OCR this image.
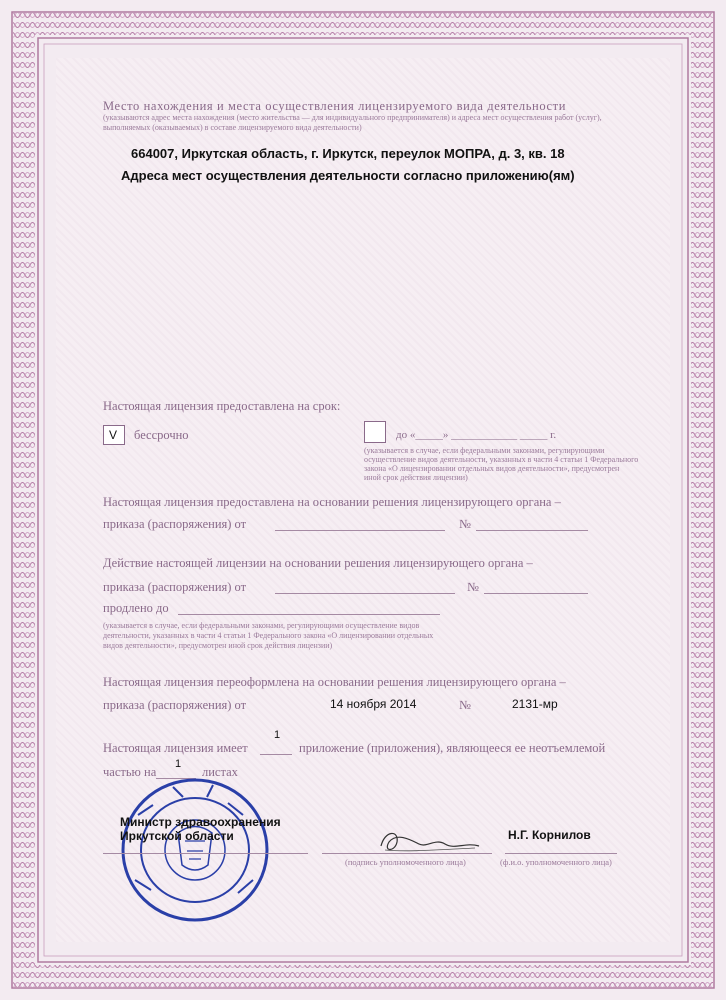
Место нахождения и места осуществления лицензируемого вида деятельности
(указываются адрес места нахождения (место жительства — для индивидуального предпринимателя) и адреса мест осуществления работ (услуг),
выполняемых (оказываемых) в составе лицензируемого вида деятельности)
664007, Иркутская область, г. Иркутск, переулок МОПРА, д. 3, кв. 18
Адреса мест осуществления деятельности согласно приложению(ям)
Настоящая лицензия предоставлена на срок:
V бессрочно	до «_____» ____________ _____ г.
(указывается в случае, если федеральными законами, регулирующими
осуществление видов деятельности, указанных в части 4 статьи 1 Федерального
закона «О лицензировании отдельных видов деятельности», предусмотрен
иной срок действия лицензии)
Настоящая лицензия предоставлена на основании решения лицензирующего органа –
приказа (распоряжения) от	№
Действие настоящей лицензии на основании решения лицензирующего органа –
приказа (распоряжения) от	№
продлено до
(указывается в случае, если федеральными законами, регулирующими осуществление видов
деятельности, указанных в части 4 статьи 1 Федерального закона «О лицензировании отдельных
видов деятельности», предусмотрен иной срок действия лицензии)
Настоящая лицензия переоформлена на основании решения лицензирующего органа –
приказа (распоряжения) от	14 ноября 2014	№	2131-мр
Настоящая лицензия имеет
1
приложение (приложения), являющееся ее неотъемлемой
частью на
1
листах
Министр здравоохранения
Иркутской области
(подпись уполномоченного лица)
Н.Г. Корнилов
(ф.и.о. уполномоченного лица)
